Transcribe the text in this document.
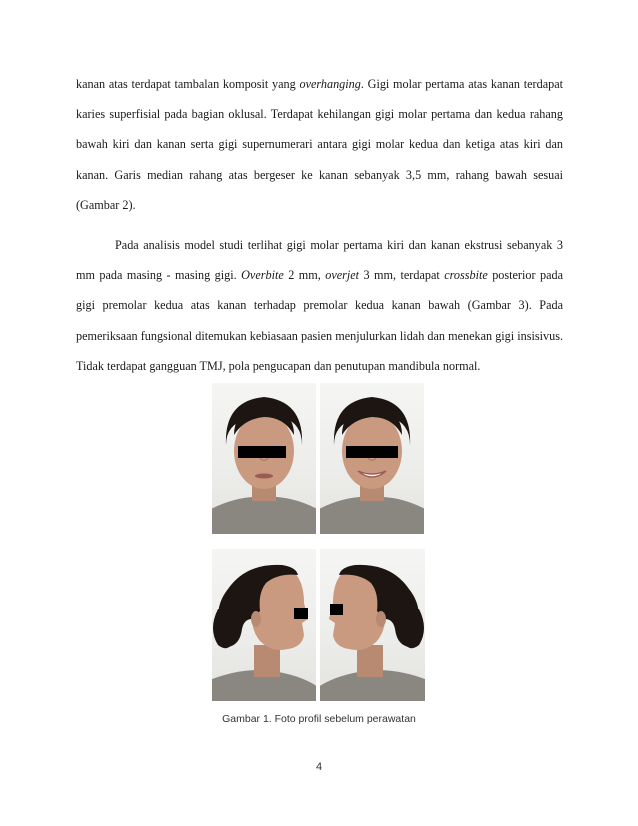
kanan atas terdapat tambalan komposit yang overhanging. Gigi molar pertama atas kanan terdapat karies superfisial pada bagian oklusal. Terdapat kehilangan gigi molar pertama dan kedua rahang bawah kiri dan kanan serta gigi supernumerari antara gigi molar kedua dan ketiga atas kiri dan kanan. Garis median rahang atas bergeser ke kanan sebanyak 3,5 mm, rahang bawah sesuai (Gambar 2).

Pada analisis model studi terlihat gigi molar pertama kiri dan kanan ekstrusi sebanyak 3 mm pada masing - masing gigi. Overbite 2 mm, overjet 3 mm, terdapat crossbite posterior pada gigi premolar kedua atas kanan terhadap premolar kedua kanan bawah (Gambar 3). Pada pemeriksaan fungsional ditemukan kebiasaan pasien menjulurkan lidah dan menekan gigi insisivus. Tidak terdapat gangguan TMJ, pola pengucapan dan penutupan mandibula normal.

Gambar 1. Foto profil sebelum perawatan
4
